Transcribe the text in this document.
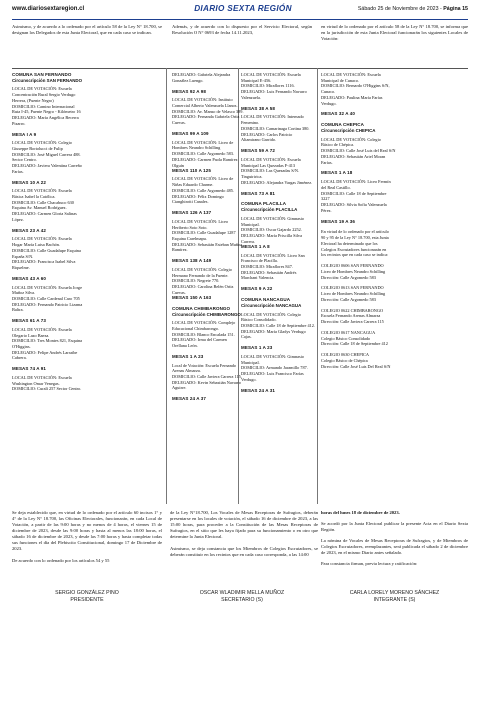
www.diariosextaregion.cl	DIARIO SEXTA REGIÓN	Sábado 25 de Noviembre de 2023 - Página 15
Asimismo, y de acuerdo a lo ordenado por el artículo 58 de la Ley N° 18.700, se designan los Delegados de esta Junta Electoral, que en cada caso se indican.
Además, y de acuerdo con lo dispuesto por el Servicio Electoral, según Resolución O N° 0693 de fecha 14.11.2023,
en virtud de lo ordenado por el artículo 58 de la Ley N° 18.700, se informa que en la jurisdicción de esta Junta Electoral funcionarán los siguientes Locales de Votación:
COMUNA SAN FERNANDO
Circunscripción SAN FERNANDO
LOCAL DE VOTACIÓN: Escuela
Concentración Rural Sergio Verdugo
Herrera, (Puente Negro)
DOMICILIO: Camino Internacional
Ruta I-45, Puente Negro - Kilómetro 16
DELEGADO: María Angélica Becerra
Pizarro.
MESA I A 9
LOCAL DE VOTACIÓN: Colegio
Giuseppe Bortolucci de Fulip
DOMICILIO: José Miguel Carrera 488.
Sector Centro.
DELEGADO: Javiera Valentina Carreño
Farías.
MESAS 10 A 22
LOCAL DE VOTACIÓN: Escuela
Básica Isabel la Católica.
DOMICILIO: Calle Chacabuco 630
Esquina Av. Manuel Rodríguez.
DELEGADO: Carmen Gloria Salinas
López.
MESAS 23 A 42
LOCAL DE VOTACIÓN: Escuela
Hogar María Luisa Bachón.
DOMICILIO: Calle Guadalupe Esquina
España S/N.
DELEGADO: Francisca Isabel Silva
Riquelme.
MESAS 43 A 60
LOCAL DE VOTACIÓN: Escuela Jorge
Muñoz Silva.
DOMICILIO: Calle Cardenal Caro 705
DELEGADO: Fernando Patricio Lizama
Baltra.
MESAS 61 A 73
LOCAL DE VOTACIÓN: Escuela
Olegario Lazo Baeza.
DOMICILIO: Tres Montes 821, Esquina
O'Higgins.
DELEGADO: Felipe Andrés Larraibe
Cabrera.
MESAS 74 A 91
LOCAL DE VOTACIÓN: Escuela
Washington Omar Venegas.
DOMICILIO: Curalí 257 Sector Centro.
DELEGADO: Gabriela Alejandra
González Luengo.
MESAS 92 A 98
LOCAL DE VOTACIÓN: Instituto
Comercial Alberto Valenzuela Llanos.
DOMICILIO: Av. Manso de Velasco 389.
DELEGADO: Fernanda Gabriela Ortiz
Cuevas.
MESAS 99 A 109
LOCAL DE VOTACIÓN: Liceo de
Hombres Neandro Schilling
DOMICILIO: Calle Argomedo 583.
DELEGADO: Carmen Paola Ramírez Olguín
MESAS 110 A 125
LOCAL DE VOTACIÓN: Liceo de
Niñas Eduardo Charme.
DOMICILIO: Calle Argomedo 485.
DELEGADO: Félix Domingo
Cianghirotti Canales.
MESAS 126 A 137
LOCAL DE VOTACIÓN: Liceo
Heriberto Soto Soto.
DOMICILIO: Calle Guadalupe 1287
Esquina Carelmapu.
DELEGADO: Sebastián Esteban Muñoz
Ramírez.
MESAS 138 A 149
LOCAL DE VOTACIÓN: Colegio
Hermano Fernando de la Fuente.
DOMICILIO: Negrete 770.
DELEGADO: Carolina Belén Ortiz Cuevas.
MESAS 150 A 163
COMUNA CHIMBARONGO
Circunscripción CHIMBARONGO
LOCAL DE VOTACIÓN: Complejo
Educacional Chimbarongo.
DOMICILIO: Blanco Encalada 151.
DELEGADO: Irma del Carmen
Orellana León.
MESAS 1 A 23
Local de Votación: Escuela Fernando
Arenas Almarza.
DOMICILIO: Calle Javiera Carrera 115.
DELEGADO: Kevin Sebastián Navarro
Aguirre.
MESAS 24 A 37
LOCAL DE VOTACIÓN: Escuela
Municipal E-456.
DOMICILIO: Miraflores 1116.
DELEGADO: Luis Fernando Navarro
Valenzuela.
MESAS 38 A 58
LOCAL DE VOTACIÓN: Internado
Femenino.
DOMICILIO: Camarinaga Cortina 380.
DELEGADO: Carlos Patricio
Altamirano Garrido.
MESAS 59 A 72
LOCAL DE VOTACIÓN: Escuela
Municipal Las Quezadas F-413
DOMICILIO: Las Quezadas S/N.
Tinguiririca.
DELEGADO: Alejandra Vargas Jiménez.
MESAS 73 A 81
COMUNA PLACILLA
Circunscripción PLACILLA
LOCAL DE VOTACIÓN: Gimnasio
Municipal.
DOMICILIO: Oscar Gajardo 2252.
DELEGADO: María Priscilla Silva Carrera.
MESAS 1 A 8
LOCAL DE VOTACIÓN: Liceo San
Francisco de Placilla.
DOMICILIO: Miraflores 847.
DELEGADO: Sebastián Andrés
Marchant Valencia.
MESAS 9 A 22
COMUNA NANCAGUA
Circunscripción NANCAGUA
LOCAL DE VOTACIÓN: Colegio
Básico Consolidado.
DOMICILIO: Calle 18 de Septiembre 412.
DELEGADO: María Gladys Verdugo
Cajas.
MESAS 1 A 23
LOCAL DE VOTACIÓN: Gimnasio
Municipal.
DOMICILIO: Armando Jaramillo 787.
DELEGADO: Luis Francisco Farías
Verdugo.
MESAS 24 A 31
LOCAL DE VOTACIÓN: Escuela
Municipal de Cunaco.
DOMICILIO: Bernardo O'Higgins S/N,
Cunaco.
DELEGADO: Paulina María Farías
Verdugo.
MESAS 32 A 40
COMUNA CHEPICA
Circunscripción CHEPICA
LOCAL DE VOTACIÓN: Colegio
Básico de Chépica.
DOMICILIO: Calle José Luis del Real S/N
DELEGADO: Sebastián Ariel Moran
Farías.
MESAS 1 A 18
LOCAL DE VOTACIÓN: Liceo Fermín
del Real Castillo.
DOMICILIO: Calle 18 de Septiembre
3227
DELEGADO: Silvia Sofía Valenzuela
Pérez.
MESAS 19 A 36
En virtud de lo ordenado por el artículo
90 y 95 de la Ley N° 18.700, esta Junta
Electoral ha determinado que los
Colegios Escrutadores funcionarán en
los recintos que en cada caso se indica:
COLEGIO 0606 SAN FERNANDO
Liceo de Hombres Neandro Schilling
Dirección: Calle Argomedo 583
COLEGIO 0613 SAN FERNANDO
Liceo de Hombres Neandro Schilling
Dirección: Calle Argomedo 583
COLEGIO 0622 CHIMBARONGO
Escuela Fernando Arenas Almarza
Dirección: Calle Javiera Carrera 115
COLEGIO 0617 NANCAGUA
Colegio Básico Consolidado
Dirección: Calle 18 de Septiembre 412
COLEGIO 0630 CHEPICA
Colegio Básico de Chépica
Dirección: Calle José Luis Del Real S/N

Se deja establecido que, en virtud de lo ordenado por el artículo 60 incisos 1° y 4° de la Ley N° 18.700, las Oficinas Electorales, funcionarán, en cada Local de Votación, a partir de las 9:00 horas y no menos de 4 horas, el viernes 15 de diciembre de 2023, desde las 9:00 horas y hasta al menos las 18:00 horas, el sábado 16 de diciembre de 2023, y desde las 7:00 horas y hasta completar todas sus funciones el día del Plebiscito Constitucional, domingo 17 de Diciembre de 2023.

De acuerdo con lo ordenado por los artículos 54 y 55

de la Ley N°18.700, Los Vocales de Mesas Receptoras de Sufragios, deberán presentarse en los locales de votación, el sábado 16 de diciembre de 2023, a las 15:00 horas, para proceder a la Constitución de las Mesas Receptoras de Sufragios, en el sitio que les haya fijado para su funcionamiento o en otro que determine la Junta Electoral.

Asimismo, se deja constancia que los Miembros de Colegios Escrutadores, se deberán constituir en los recintos que en cada caso corresponda, a las 14:00

horas del lunes 18 de diciembre de 2023.

Se acordó por la Junta Electoral publicar la presente Acta en el Diario Sexta Región.

La nómina de Vocales de Mesas Receptoras de Sufragios, y de Miembros de Colegios Escrutadores, reemplazantes, será publicada el sábado 2 de diciembre de 2023, en el mismo Diario antes señalado.

Para constancia firman, previa lectura y ratificación:

SERGIO GONZÁLEZ PINO
PRESIDENTE
OSCAR WLADIMIR MELLA MUÑOZ
SECRETARIO (S)
CARLA LORELY MORENO SÁNCHEZ
INTEGRANTE (S)
